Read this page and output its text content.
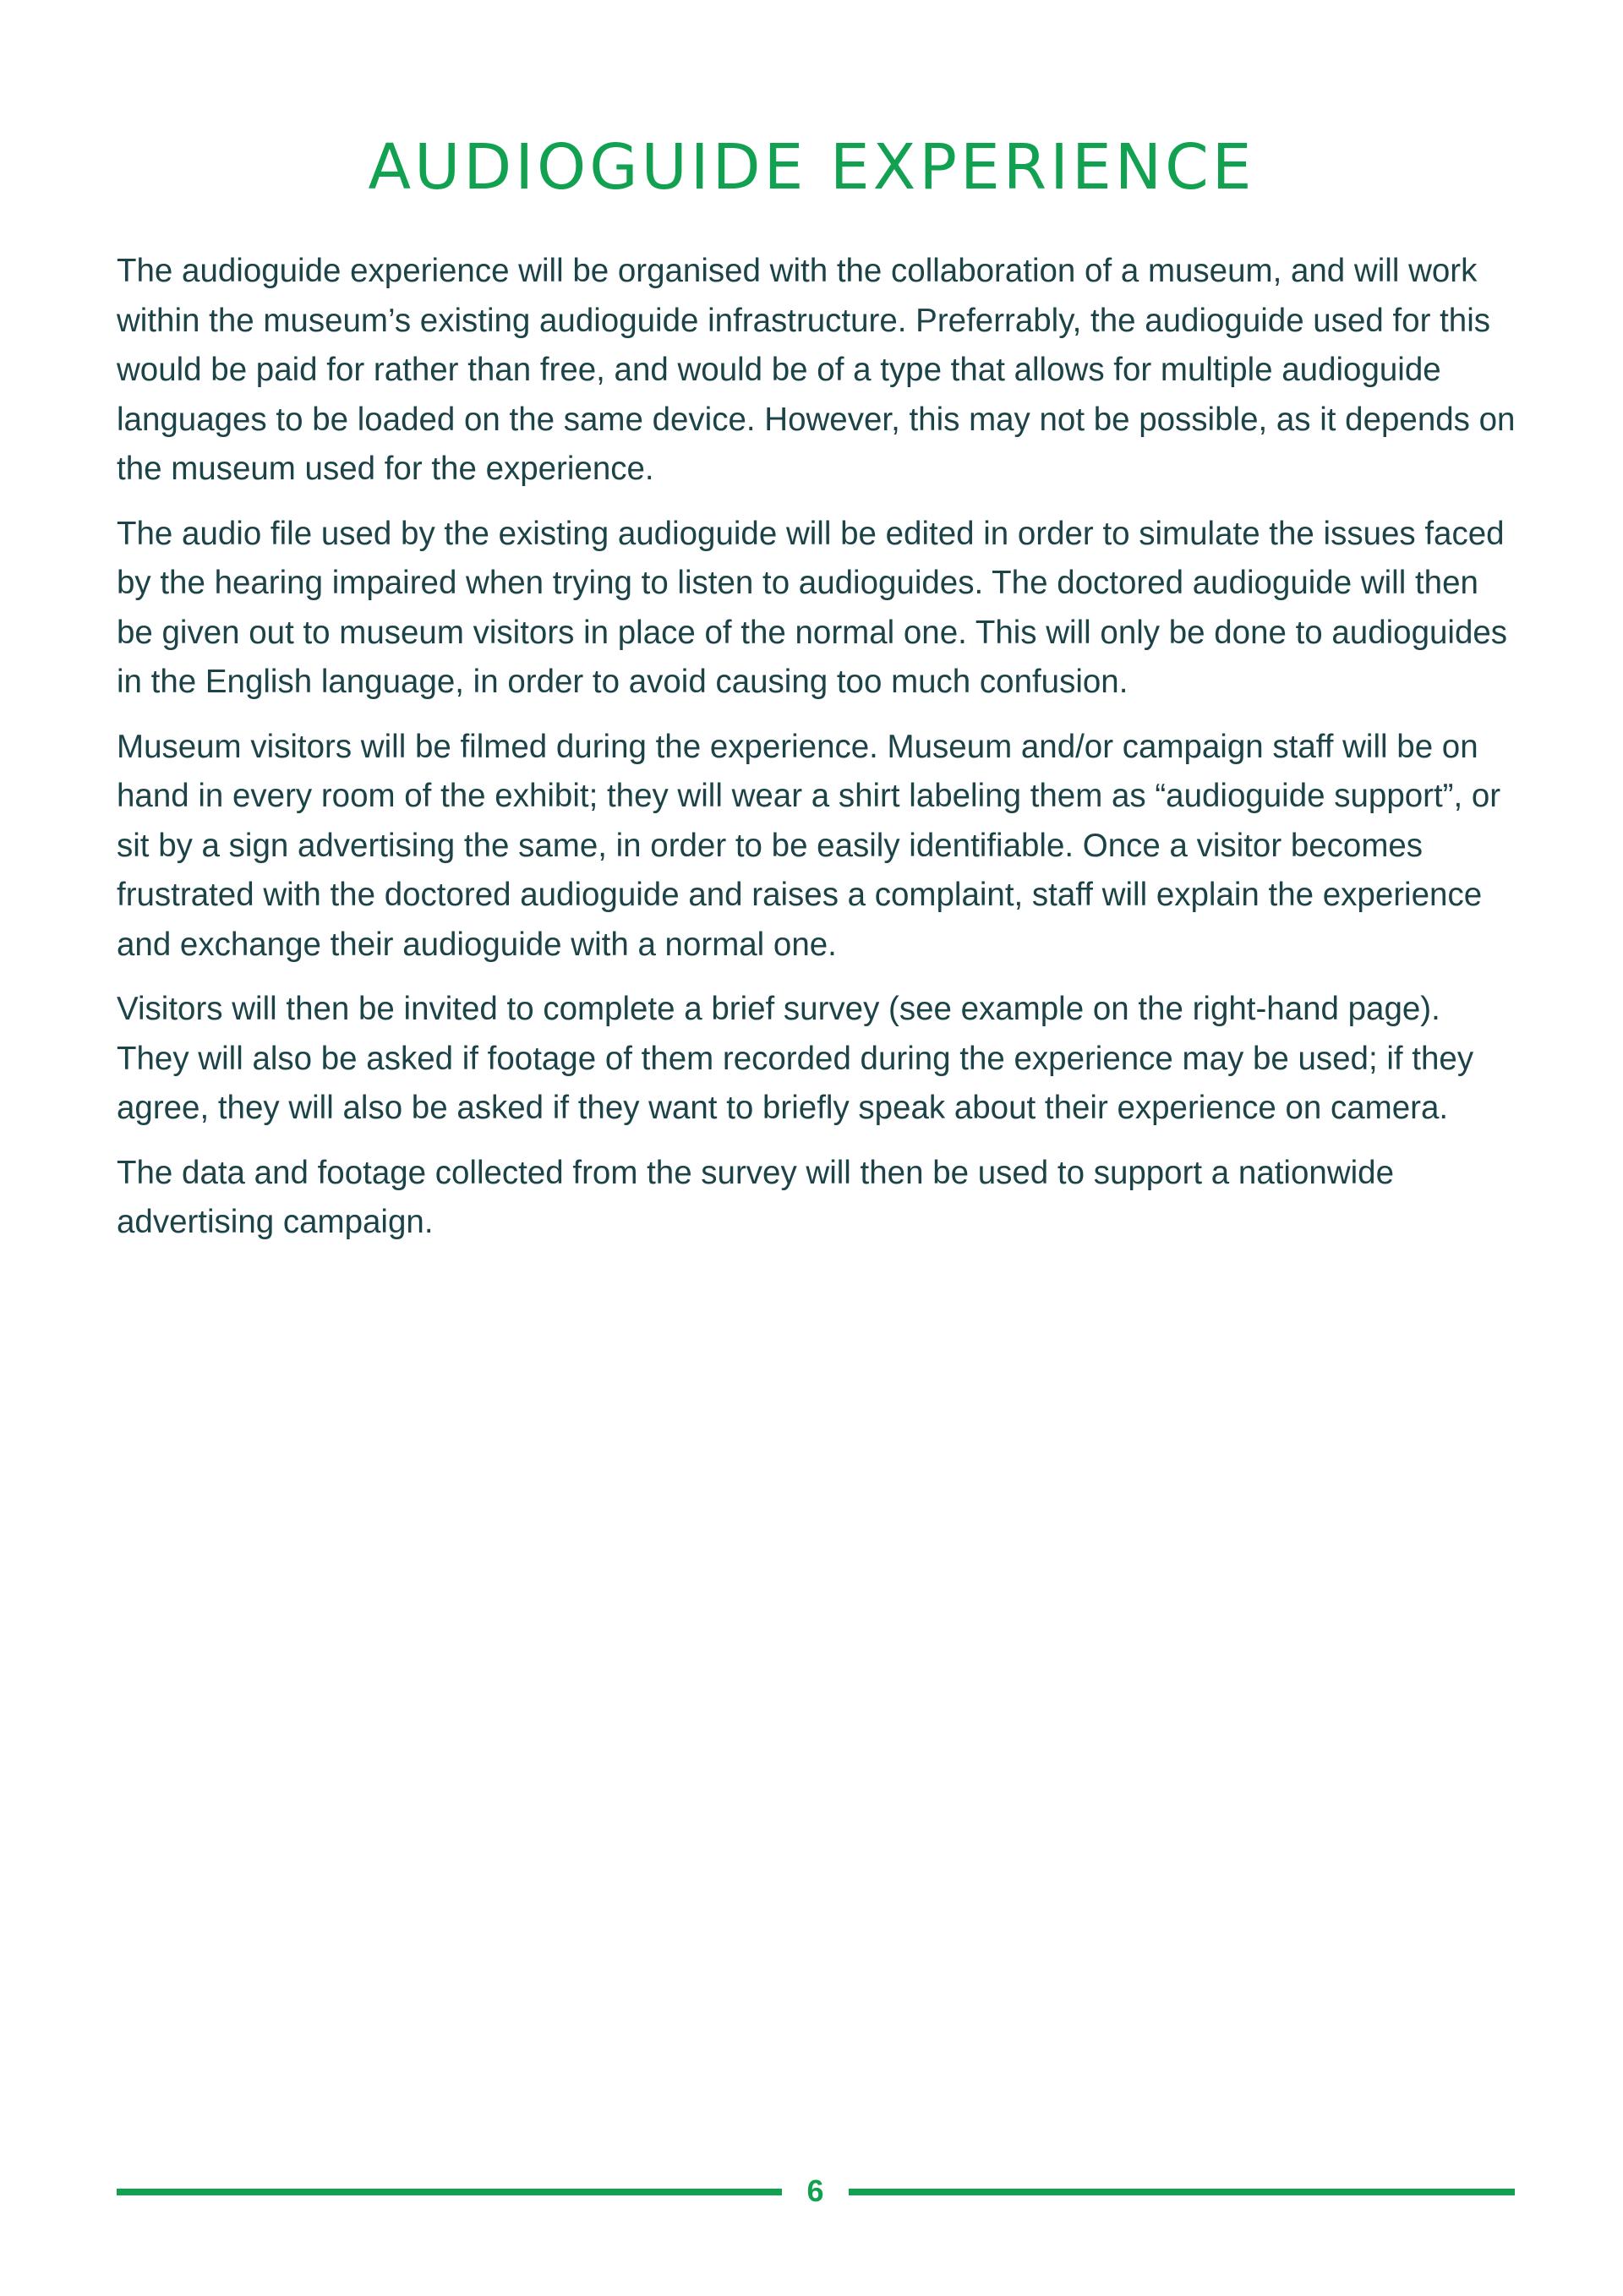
AUDIOGUIDE EXPERIENCE

The audioguide experience will be organised with the collaboration of a museum, and will work within the museum’s existing audioguide infrastructure. Preferrably, the audioguide used for this would be paid for rather than free, and would be of a type that allows for multiple audioguide languages to be loaded on the same device. However, this may not be possible, as it depends on the museum used for the experience.

The audio file used by the existing audioguide will be edited in order to simulate the issues faced by the hearing impaired when trying to listen to audioguides. The doctored audioguide will then be given out to museum visitors in place of the normal one. This will only be done to audioguides in the English language, in order to avoid causing too much confusion.

Museum visitors will be filmed during the experience. Museum and/or campaign staff will be on hand in every room of the exhibit; they will wear a shirt labeling them as “audioguide support”, or sit by a sign advertising the same, in order to be easily identifiable. Once a visitor becomes frustrated with the doctored audioguide and raises a complaint, staff will explain the experience and exchange their audioguide with a normal one.

Visitors will then be invited to complete a brief survey (see example on the right-hand page). They will also be asked if footage of them recorded during the experience may be used; if they agree, they will also be asked if they want to briefly speak about their experience on camera.

The data and footage collected from the survey will then be used to support a nationwide advertising campaign.

6
